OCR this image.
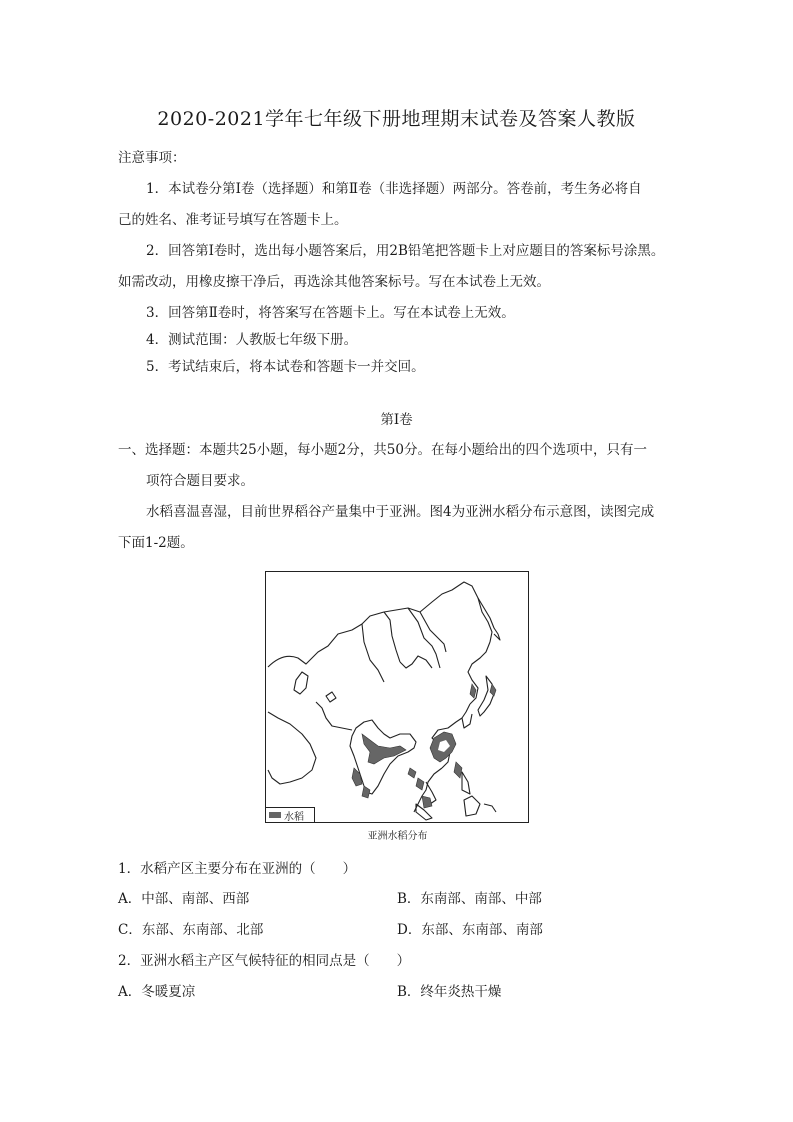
2020-2021学年七年级下册地理期末试卷及答案人教版
注意事项：
1．本试卷分第Ⅰ卷（选择题）和第Ⅱ卷（非选择题）两部分。答卷前，考生务必将自
己的姓名、准考证号填写在答题卡上。
2．回答第Ⅰ卷时，选出每小题答案后，用2B铅笔把答题卡上对应题目的答案标号涂黑。
如需改动，用橡皮擦干净后，再选涂其他答案标号。写在本试卷上无效。
3．回答第Ⅱ卷时，将答案写在答题卡上。写在本试卷上无效。
4．测试范围：人教版七年级下册。
5．考试结束后，将本试卷和答题卡一并交回。
第Ⅰ卷
一、选择题：本题共25小题，每小题2分，共50分。在每小题给出的四个选项中，只有一
项符合题目要求。
水稻喜温喜湿，目前世界稻谷产量集中于亚洲。图4为亚洲水稻分布示意图，读图完成
下面1-2题。
水稻
亚洲水稻分布
1．水稻产区主要分布在亚洲的（　　）
A．中部、南部、西部	B．东南部、南部、中部
C．东部、东南部、北部	D．东部、东南部、南部
2．亚洲水稻主产区气候特征的相同点是（　　）
A．冬暖夏凉	B．终年炎热干燥
